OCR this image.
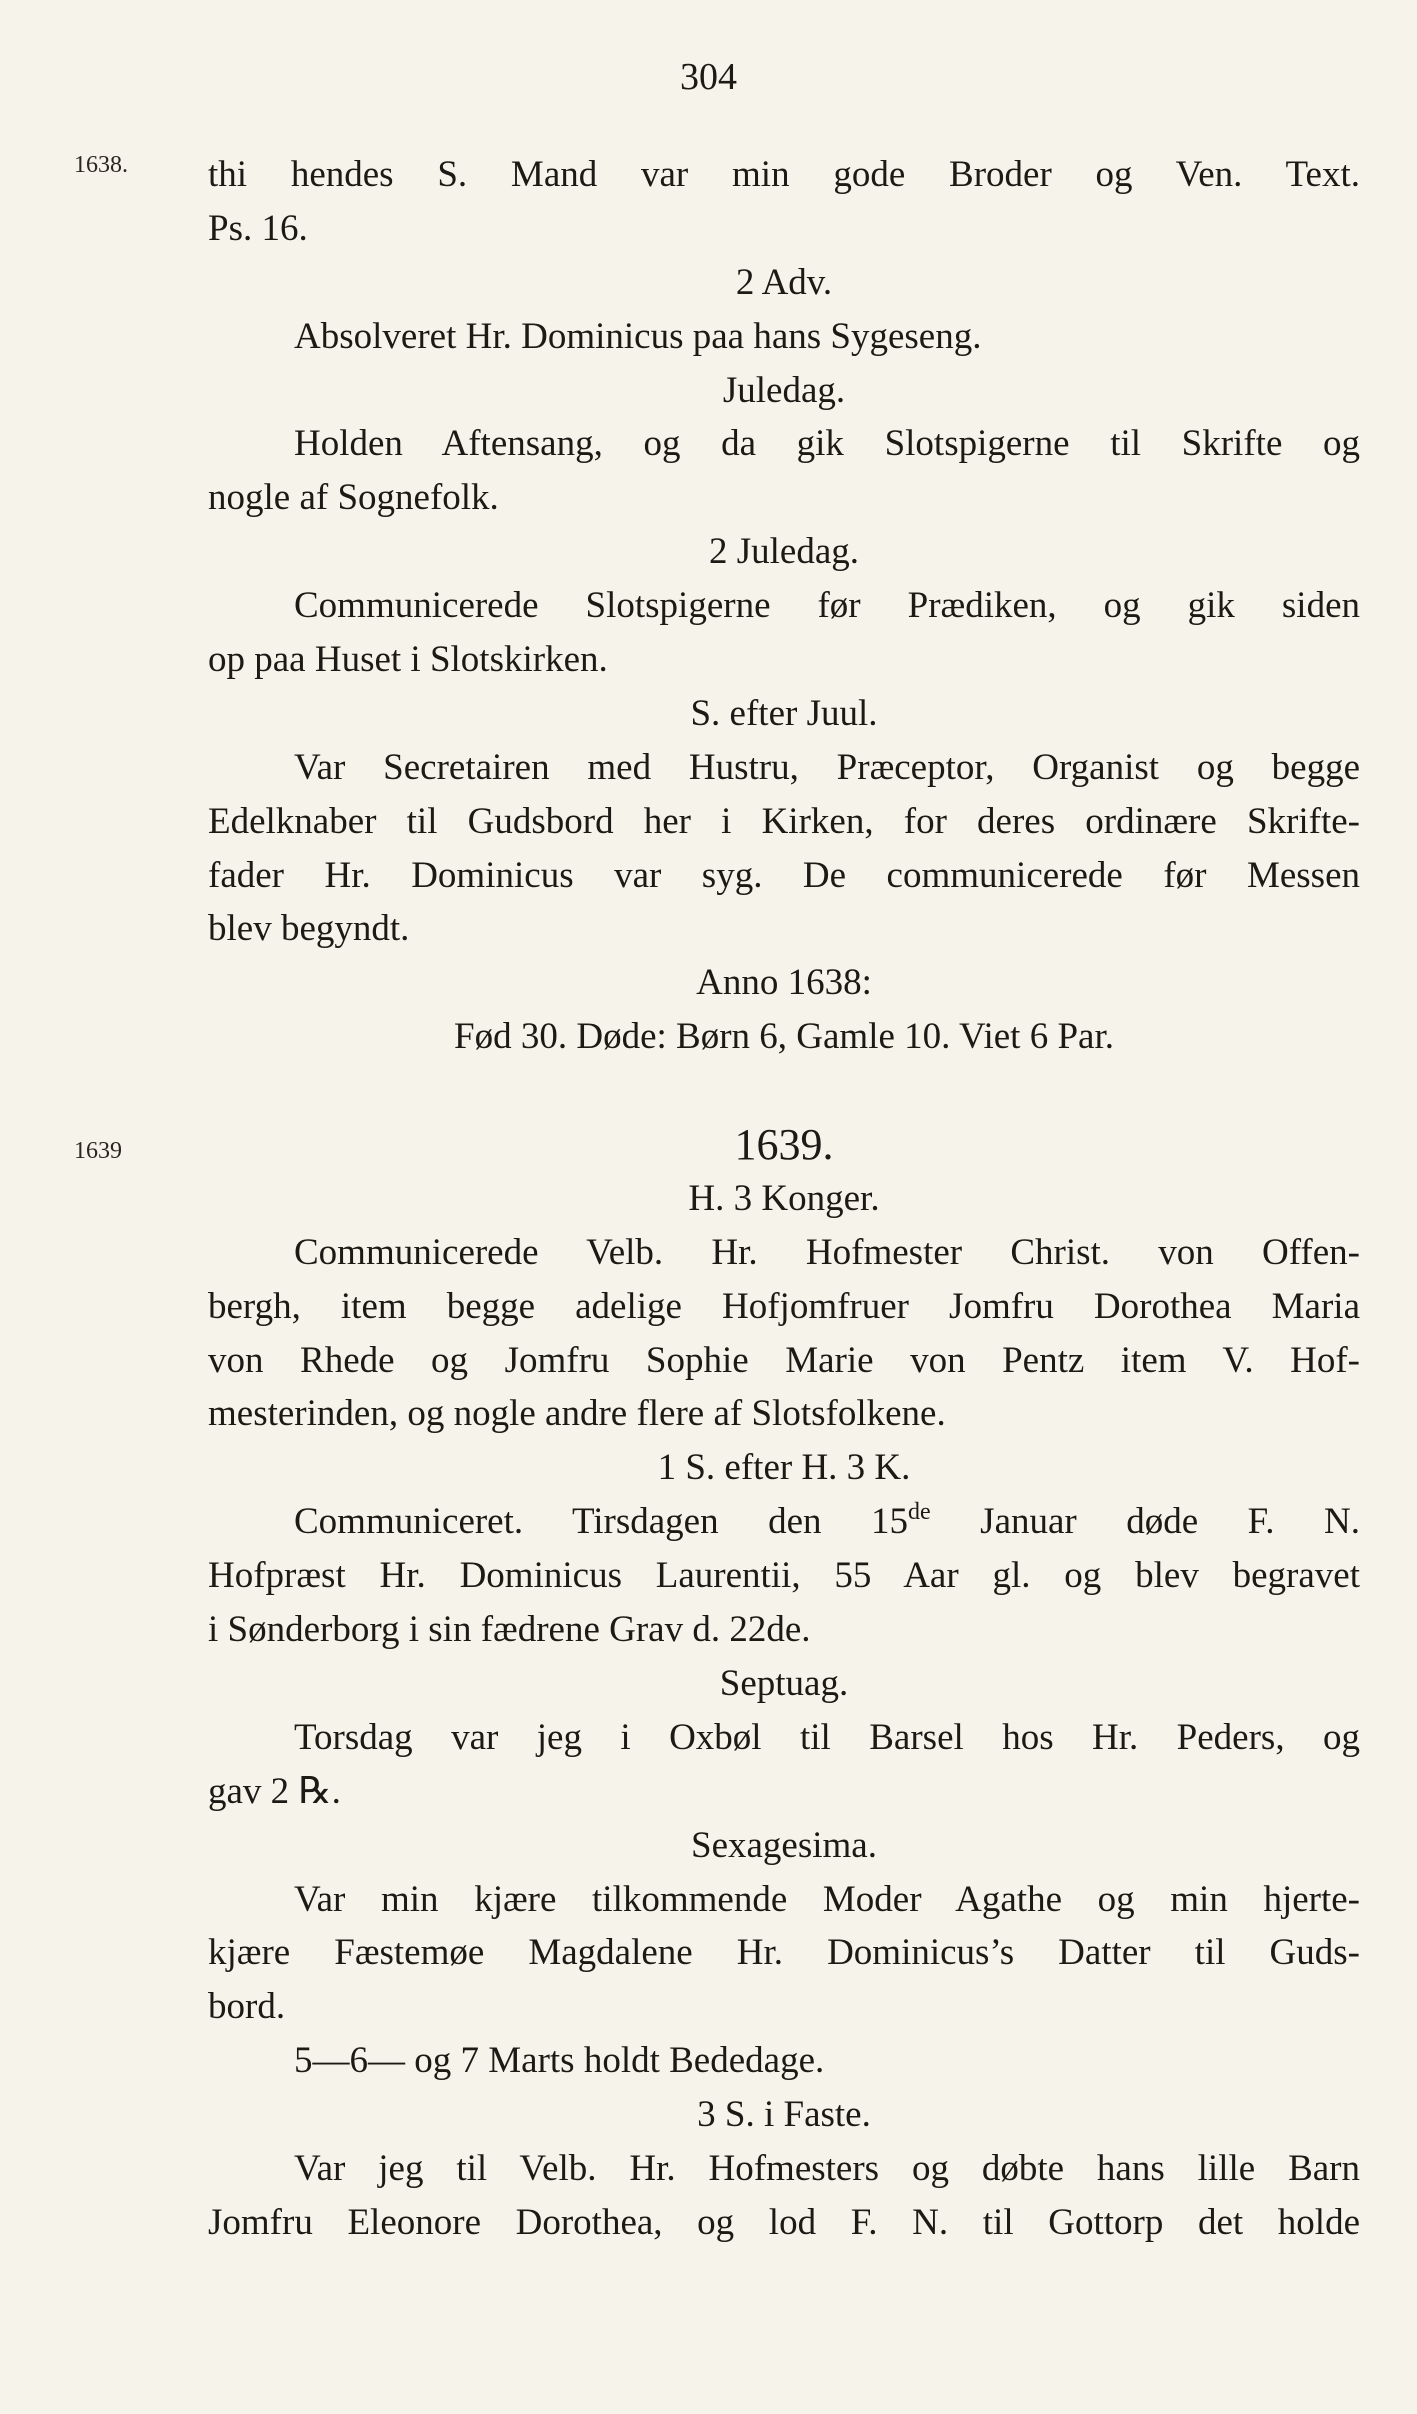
304
1638.
1639
thi hendes S. Mand var min gode Broder og Ven. Text.
Ps. 16.
2 Adv.
Absolveret Hr. Dominicus paa hans Sygeseng.
Juledag.
Holden Aftensang, og da gik Slotspigerne til Skrifte og
nogle af Sognefolk.
2 Juledag.
Communicerede Slotspigerne før Prædiken, og gik siden
op paa Huset i Slotskirken.
S. efter Juul.
Var Secretairen med Hustru, Præceptor, Organist og begge
Edelknaber til Gudsbord her i Kirken, for deres ordinære Skrifte-
fader Hr. Dominicus var syg. De communicerede før Messen
blev begyndt.
Anno 1638:
Fød 30. Døde: Børn 6, Gamle 10. Viet 6 Par.
1639.
H. 3 Konger.
Communicerede Velb. Hr. Hofmester Christ. von Offen-
bergh, item begge adelige Hofjomfruer Jomfru Dorothea Maria
von Rhede og Jomfru Sophie Marie von Pentz item V. Hof-
mesterinden, og nogle andre flere af Slotsfolkene.
1 S. efter H. 3 K.
Communiceret. Tirsdagen den 15de Januar døde F. N.
Hofpræst Hr. Dominicus Laurentii, 55 Aar gl. og blev begravet
i Sønderborg i sin fædrene Grav d. 22de.
Septuag.
Torsdag var jeg i Oxbøl til Barsel hos Hr. Peders, og
gav 2 ℞.
Sexagesima.
Var min kjære tilkommende Moder Agathe og min hjerte-
kjære Fæstemøe Magdalene Hr. Dominicus’s Datter til Guds-
bord.
5—6— og 7 Marts holdt Bededage.
3 S. i Faste.
Var jeg til Velb. Hr. Hofmesters og døbte hans lille Barn
Jomfru Eleonore Dorothea, og lod F. N. til Gottorp det holde
